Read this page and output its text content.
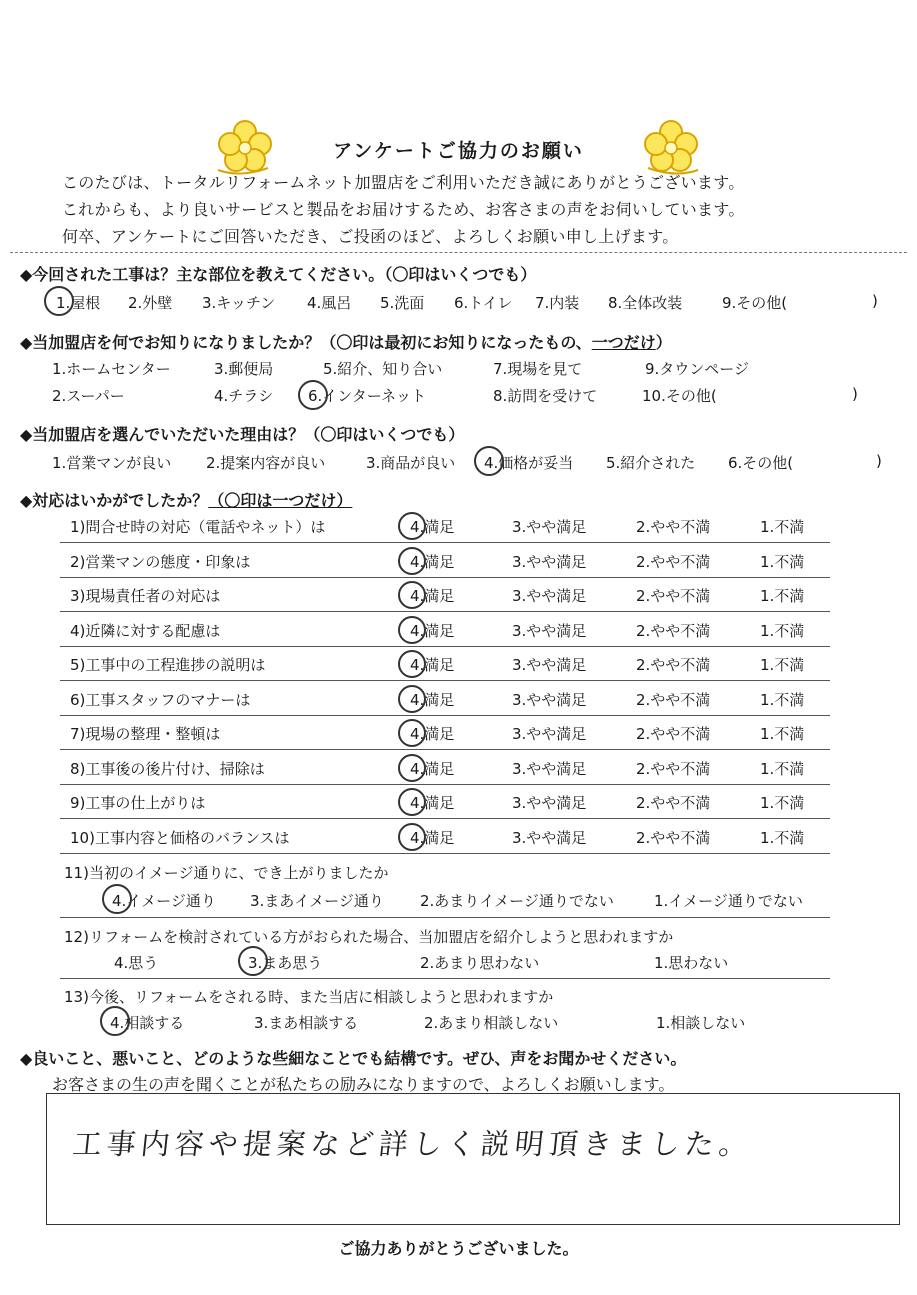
アンケートご協力のお願い
このたびは、トータルリフォームネット加盟店をご利用いただき誠にありがとうございます。
これからも、より良いサービスと製品をお届けするため、お客さまの声をお伺いしています。
何卒、アンケートにご回答いただき、ご投函のほど、よろしくお願い申し上げます。
◆今回された工事は？主な部位を教えてください。（〇印はいくつでも）
1.屋根 2.外壁 3.キッチン 4.風呂 5.洗面 6.トイレ 7.内装 8.全体改装	9.その他(	)
◆当加盟店を何でお知りになりましたか？（〇印は最初にお知りになったもの、一つだけ）
1.ホームセンター	3.郵便局	5.紹介、知り合い	7.現場を見て	9.タウンページ
2.スーパー	4.チラシ 6.インターネット	8.訪問を受けて	10.その他(	)
◆当加盟店を選んでいただいた理由は？（〇印はいくつでも）
1.営業マンが良い 2.提案内容が良い	3.商品が良い 4.価格が妥当 5.紹介された 6.その他(	)
◆対応はいかがでしたか？（〇印は一つだけ）
1)問合せ時の対応（電話やネット）は	4.満足	3.やや満足	2.やや不満	1.不満
2)営業マンの態度・印象は	4.満足	3.やや満足	2.やや不満	1.不満
3)現場責任者の対応は	4.満足	3.やや満足	2.やや不満	1.不満
4)近隣に対する配慮は	4.満足	3.やや満足	2.やや不満	1.不満
5)工事中の工程進捗の説明は	4.満足	3.やや満足	2.やや不満	1.不満
6)工事スタッフのマナーは	4.満足	3.やや満足	2.やや不満	1.不満
7)現場の整理・整頓は	4.満足	3.やや満足	2.やや不満	1.不満
8)工事後の後片付け、掃除は	4.満足	3.やや満足	2.やや不満	1.不満
9)工事の仕上がりは	4.満足	3.やや満足	2.やや不満	1.不満
10)工事内容と価格のバランスは	4.満足	3.やや満足	2.やや不満	1.不満
11)当初のイメージ通りに、でき上がりましたか
4.イメージ通り 3.まあイメージ通り 2.あまりイメージ通りでない	1.イメージ通りでない
12)リフォームを検討されている方がおられた場合、当加盟店を紹介しようと思われますか
4.思う	3.まあ思う	2.あまり思わない	1.思わない
13)今後、リフォームをされる時、また当店に相談しようと思われますか
4.相談する	3.まあ相談する	2.あまり相談しない	1.相談しない
◆良いこと、悪いこと、どのような些細なことでも結構です。ぜひ、声をお聞かせください。
お客さまの生の声を聞くことが私たちの励みになりますので、よろしくお願いします。
工事内容や提案など詳しく説明頂きました。
ご協力ありがとうございました。
